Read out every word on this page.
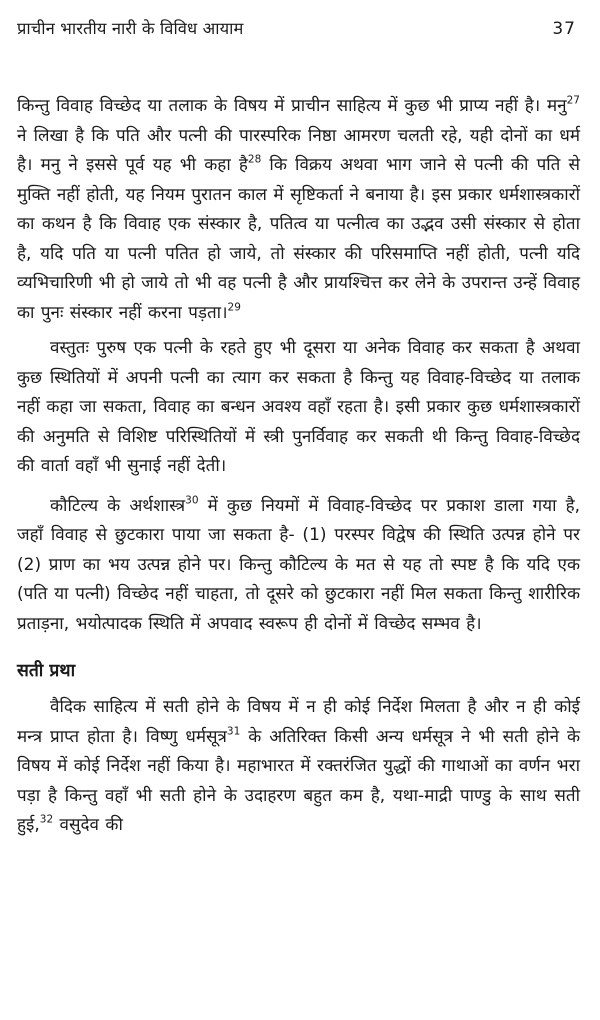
प्राचीन भारतीय नारी के विविध आयाम	37

किन्तु विवाह विच्छेद या तलाक के विषय में प्राचीन साहित्य में कुछ भी प्राप्य नहीं है। मनु$^{27}$ ने लिखा है कि पति और पत्नी की पारस्परिक निष्ठा आमरण चलती रहे, यही दोनों का धर्म है। मनु ने इससे पूर्व यह भी कहा है$^{28}$ कि विक्रय अथवा भाग जाने से पत्नी की पति से मुक्ति नहीं होती, यह नियम पुरातन काल में सृष्टिकर्ता ने बनाया है। इस प्रकार धर्मशास्त्रकारों का कथन है कि विवाह एक संस्कार है, पतित्व या पत्नीत्व का उद्भव उसी संस्कार से होता है, यदि पति या पत्नी पतित हो जाये, तो संस्कार की परिसमाप्ति नहीं होती, पत्नी यदि व्यभिचारिणी भी हो जाये तो भी वह पत्नी है और प्रायश्चित्त कर लेने के उपरान्त उन्हें विवाह का पुनः संस्कार नहीं करना पड़ता।$^{29}$

वस्तुतः पुरुष एक पत्नी के रहते हुए भी दूसरा या अनेक विवाह कर सकता है अथवा कुछ स्थितियों में अपनी पत्नी का त्याग कर सकता है किन्तु यह विवाह-विच्छेद या तलाक नहीं कहा जा सकता, विवाह का बन्धन अवश्य वहाँ रहता है। इसी प्रकार कुछ धर्मशास्त्रकारों की अनुमति से विशिष्ट परिस्थितियों में स्त्री पुनर्विवाह कर सकती थी किन्तु विवाह-विच्छेद की वार्ता वहाँ भी सुनाई नहीं देती।

कौटिल्य के अर्थशास्त्र$^{30}$ में कुछ नियमों में विवाह-विच्छेद पर प्रकाश डाला गया है, जहाँ विवाह से छुटकारा पाया जा सकता है- (1) परस्पर विद्वेष की स्थिति उत्पन्न होने पर (2) प्राण का भय उत्पन्न होने पर। किन्तु कौटिल्य के मत से यह तो स्पष्ट है कि यदि एक (पति या पत्नी) विच्छेद नहीं चाहता, तो दूसरे को छुटकारा नहीं मिल सकता किन्तु शारीरिक प्रताड़ना, भयोत्पादक स्थिति में अपवाद स्वरूप ही दोनों में विच्छेद सम्भव है।

सती प्रथा

वैदिक साहित्य में सती होने के विषय में न ही कोई निर्देश मिलता है और न ही कोई मन्त्र प्राप्त होता है। विष्णु धर्मसूत्र$^{31}$ के अतिरिक्त किसी अन्य धर्मसूत्र ने भी सती होने के विषय में कोई निर्देश नहीं किया है। महाभारत में रक्तरंजित युद्धों की गाथाओं का वर्णन भरा पड़ा है किन्तु वहाँ भी सती होने के उदाहरण बहुत कम है, यथा-माद्री पाण्डु के साथ सती हुई,$^{32}$ वसुदेव की
